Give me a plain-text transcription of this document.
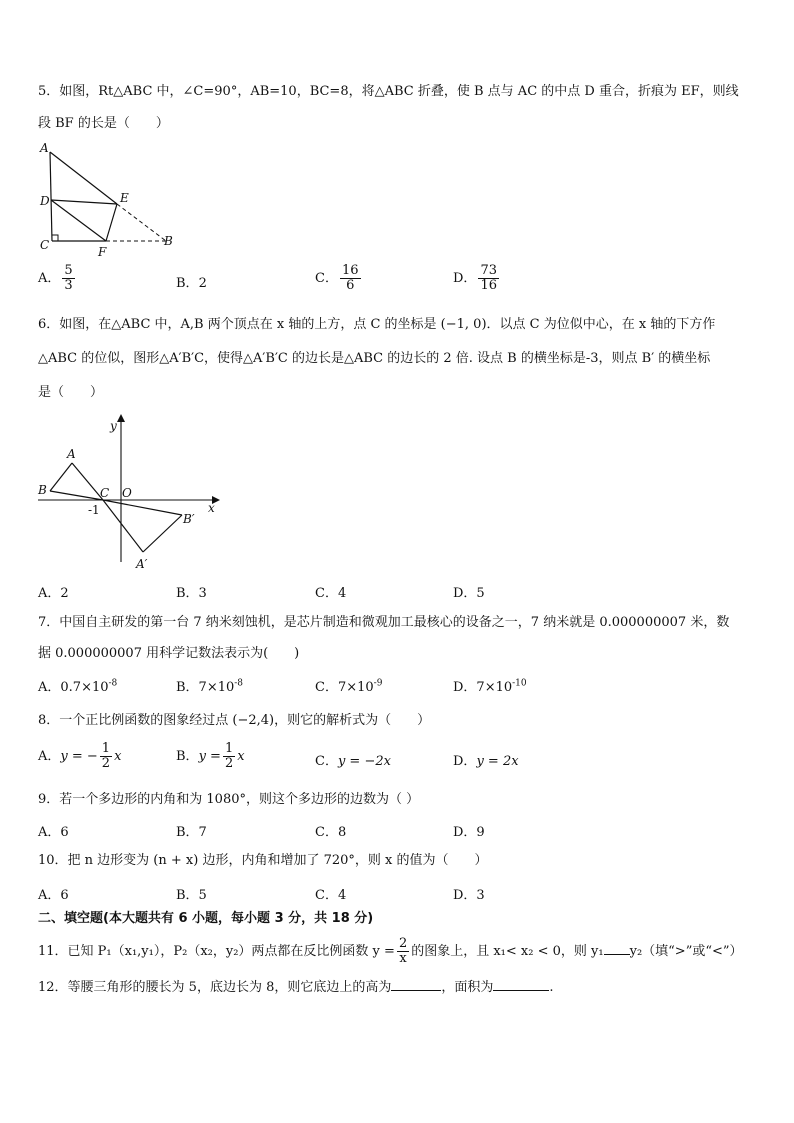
5．如图，Rt△ABC 中，∠C=90°，AB=10，BC=8，将△ABC 折叠，使 B 点与 AC 的中点 D 重合，折痕为 EF，则线
段 BF 的长是（　　）
A
D
C
E
F
B
A． $\frac{5}{3}$	B．2	C． $\frac{16}{6}$	D． $\frac{73}{16}$
6．如图，在△ABC 中，A,B 两个顶点在 x 轴的上方，点 C 的坐标是 (−1, 0)．以点 C 为位似中心，在 x 轴的下方作
△ABC 的位似，图形△A′B′C，使得△A′B′C 的边长是△ABC 的边长的 2 倍. 设点 B 的横坐标是-3，则点 B′ 的横坐标
是（　　）
y
A
B	C O
x
-1
B′
A′
A．2	B．3	C．4	D．5
7．中国自主研发的第一台 7 纳米刻蚀机，是芯片制造和微观加工最核心的设备之一，7 纳米就是 0.000000007 米，数
据 0.000000007 用科学记数法表示为(　　)
A．$0.7\times 10^{-8}$	B．$7\times 10^{-8}$	C．$7\times 10^{-9}$	D．$7\times 10^{-10}$
8．一个正比例函数的图象经过点 (−2,4)，则它的解析式为（　　）
A．y = − $\frac{1}{2}$ x	B．$y = \frac{1}{2}$ x	C．y = −2x	D．y = 2x
9．若一个多边形的内角和为 1080°，则这个多边形的边数为（ ）
A．6	B．7	C．8	D．9
10．把 n 边形变为 (n + x) 边形，内角和增加了 720°，则 x 的值为（　　）
A．6	B．5	C．4	D．3
二、填空题(本大题共有 6 小题，每小题 3 分，共 18 分)
11．已知 P₁（x₁,y₁），P₂（x₂，y₂）两点都在反比例函数 $y = \frac{2}{x}$ 的图象上，且 x₁< x₂ < 0，则 y₁ y₂（填“>”或“<”）
12．等腰三角形的腰长为 5，底边长为 8，则它底边上的高为	，面积为	.
